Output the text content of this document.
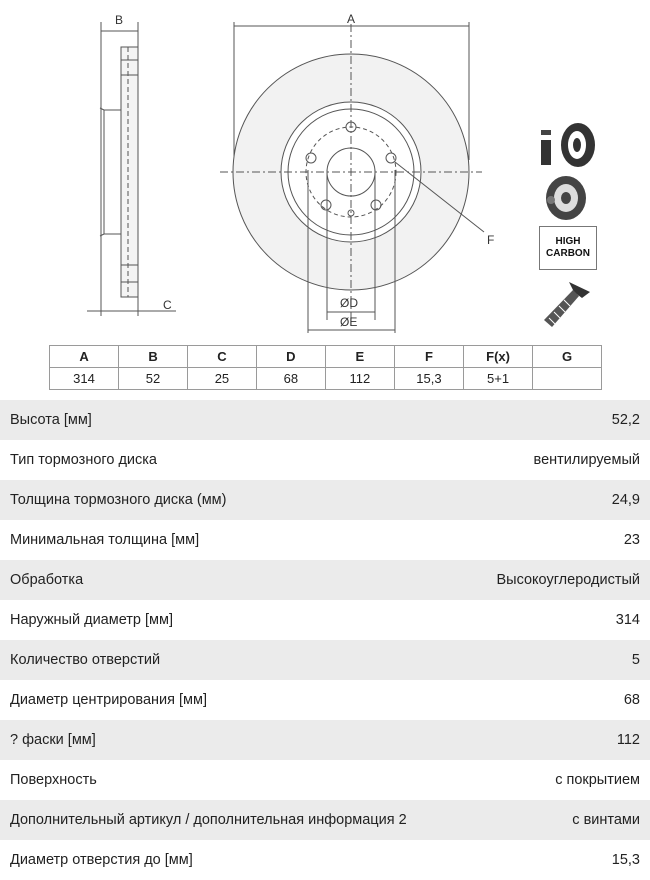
B
C
A
F
ØD
ØE
HIGH
CARBON
A	B	C	D	E	F	F(x)	G
314	52	25	68	112	15,3	5+1	
Высота [мм]	52,2
Тип тормозного диска	вентилируемый
Толщина тормозного диска (мм)	24,9
Минимальная толщина [мм]	23
Обработка	Высокоуглеродистый
Наружный диаметр [мм]	314
Количество отверстий	5
Диаметр центрирования [мм]	68
? фаски [мм]	112
Поверхность	с покрытием
Дополнительный артикул / дополнительная информация 2	с винтами
Диаметр отверстия до [мм]	15,3
